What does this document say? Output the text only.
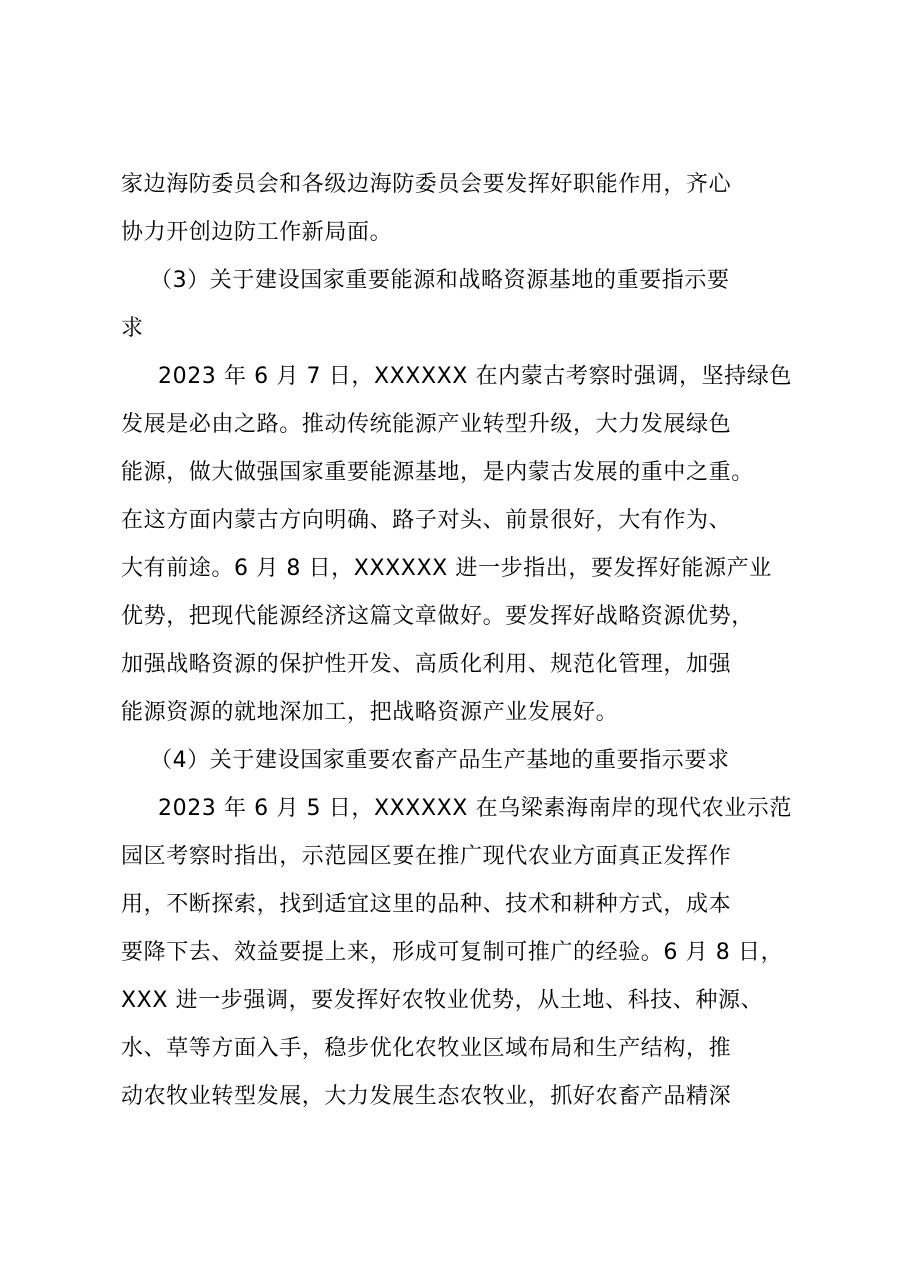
家边海防委员会和各级边海防委员会要发挥好职能作用，齐心
协力开创边防工作新局面。
（3）关于建设国家重要能源和战略资源基地的重要指示要
求
2023 年 6 月 7 日，XXXXXX 在内蒙古考察时强调，坚持绿色
发展是必由之路。推动传统能源产业转型升级，大力发展绿色
能源，做大做强国家重要能源基地，是内蒙古发展的重中之重。
在这方面内蒙古方向明确、路子对头、前景很好，大有作为、
大有前途。6 月 8 日，XXXXXX 进一步指出，要发挥好能源产业
优势，把现代能源经济这篇文章做好。要发挥好战略资源优势，
加强战略资源的保护性开发、高质化利用、规范化管理，加强
能源资源的就地深加工，把战略资源产业发展好。
（4）关于建设国家重要农畜产品生产基地的重要指示要求
2023 年 6 月 5 日，XXXXXX 在乌梁素海南岸的现代农业示范
园区考察时指出，示范园区要在推广现代农业方面真正发挥作
用，不断探索，找到适宜这里的品种、技术和耕种方式，成本
要降下去、效益要提上来，形成可复制可推广的经验。6 月 8 日，
XXX 进一步强调，要发挥好农牧业优势，从土地、科技、种源、
水、草等方面入手，稳步优化农牧业区域布局和生产结构，推
动农牧业转型发展，大力发展生态农牧业，抓好农畜产品精深
